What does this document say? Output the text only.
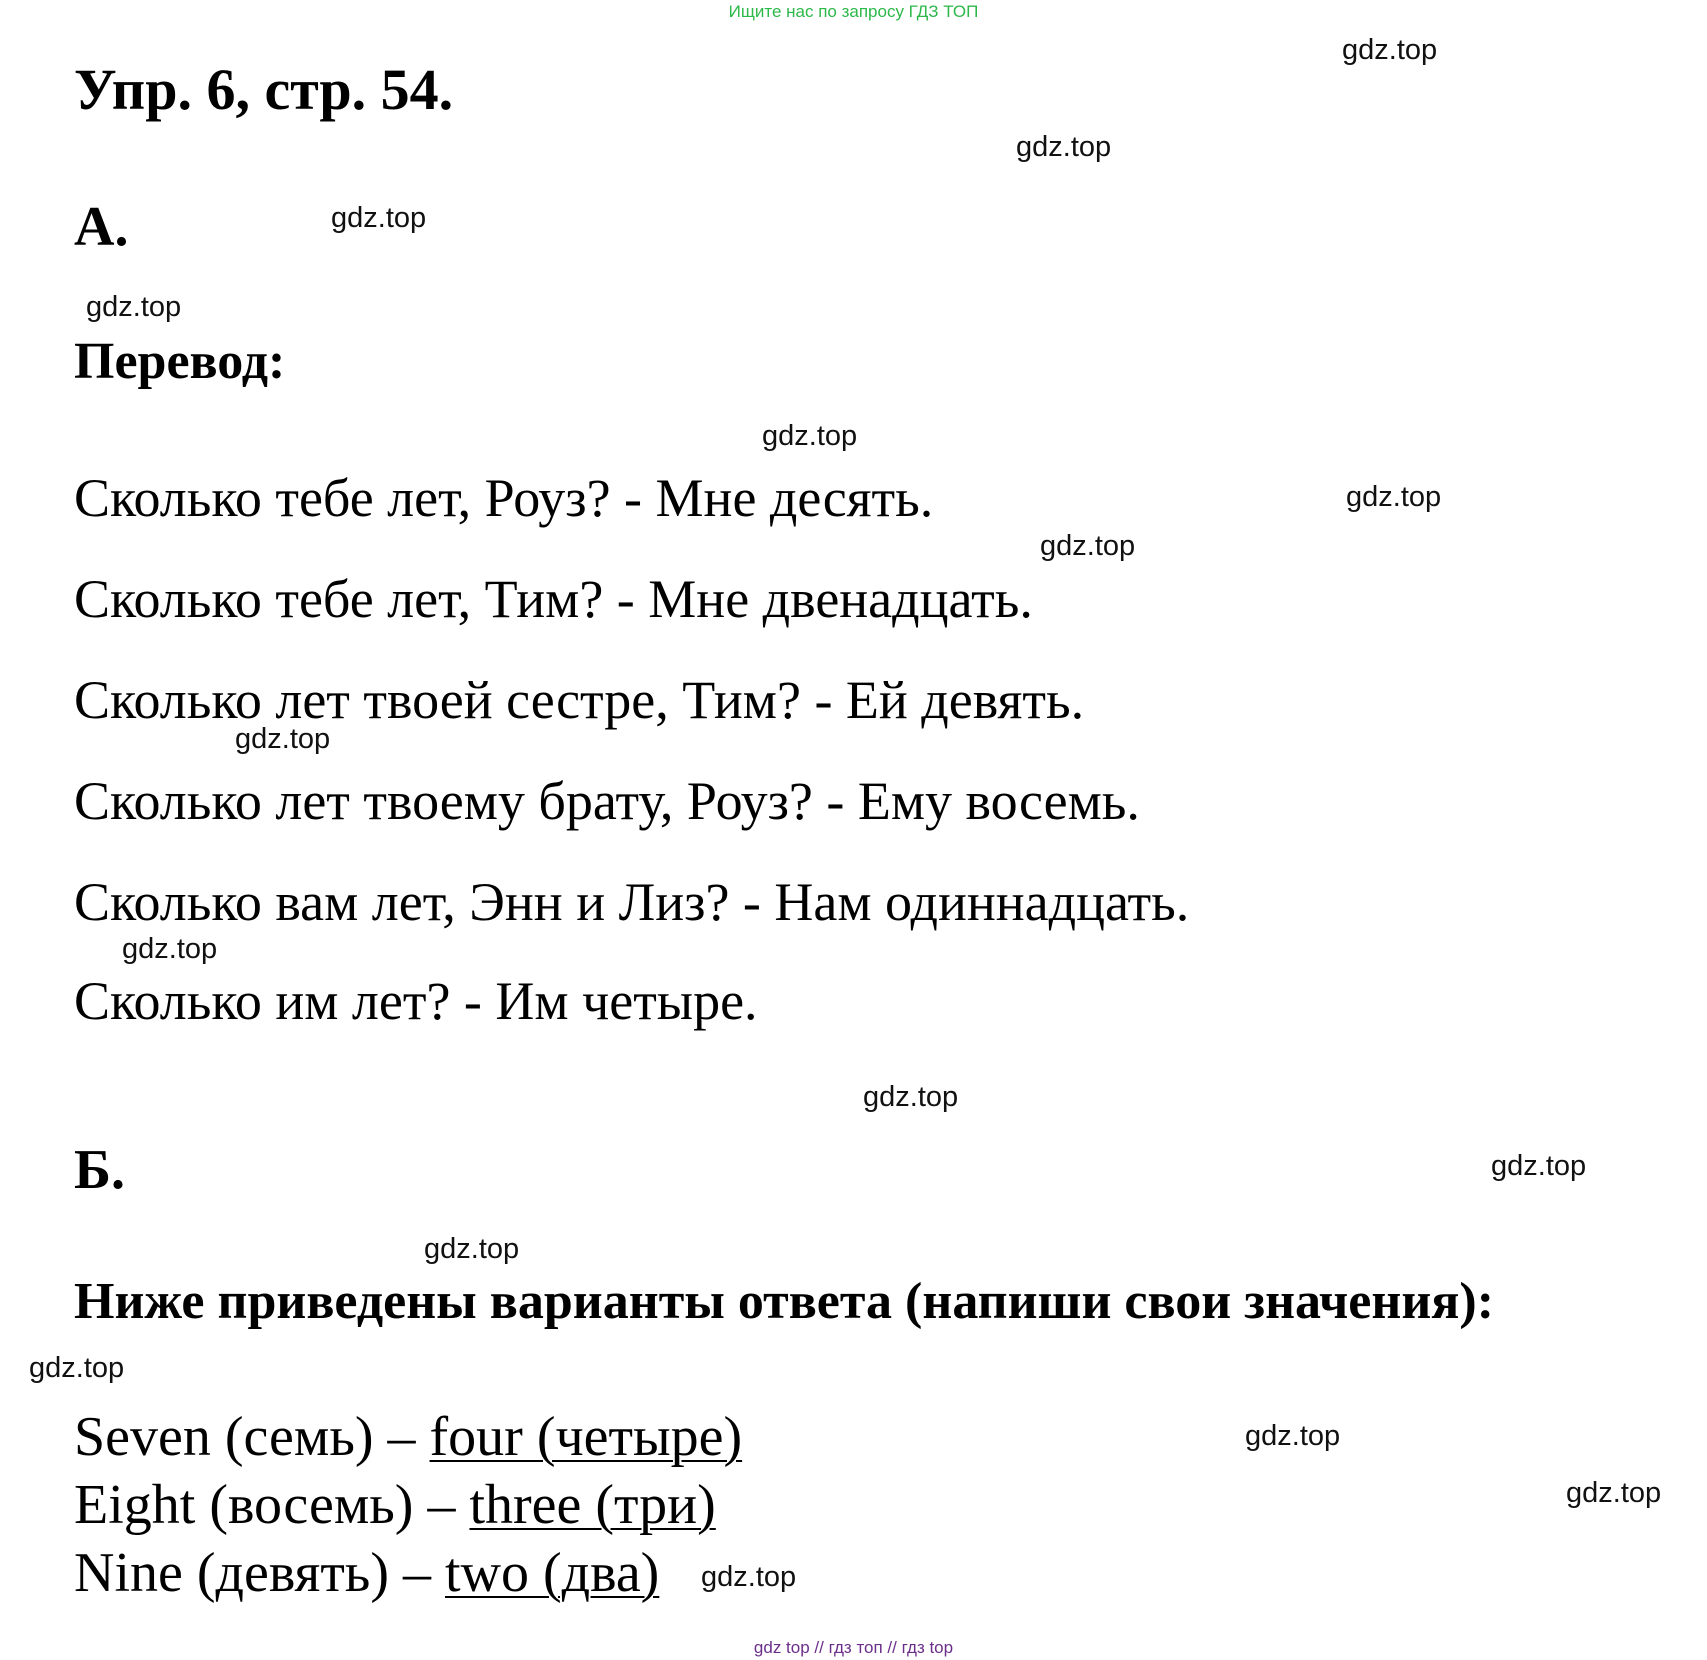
Ищите нас по запросу ГДЗ ТОП
Упр. 6, стр. 54.
А.
Перевод:
Сколько тебе лет, Роуз? - Мне десять.
Сколько тебе лет, Тим? - Мне двенадцать.
Сколько лет твоей сестре, Тим? - Ей девять.
Сколько лет твоему брату, Роуз? - Ему восемь.
Сколько вам лет, Энн и Лиз? - Нам одиннадцать.
Сколько им лет? - Им четыре.
Б.
Ниже приведены варианты ответа (напиши свои значения):
Seven (семь) – four (четыре)
Eight (восемь) – three (три)
Nine (девять) – two (два)
gdz.top
gdz.top
gdz.top
gdz.top
gdz.top
gdz.top
gdz.top
gdz.top
gdz.top
gdz.top
gdz.top
gdz.top
gdz.top
gdz.top
gdz.top
gdz.top
gdz top // гдз топ // гдз top
